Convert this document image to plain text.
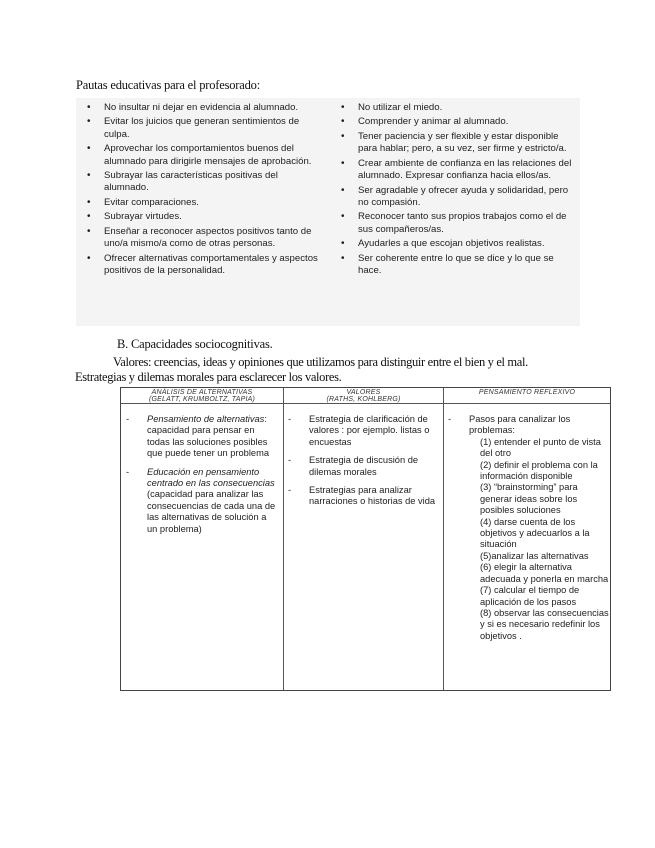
Pautas educativas para el profesorado:
• No insultar ni dejar en evidencia al alumnado.
• Evitar los juicios que generan sentimientos de culpa.
• Aprovechar los comportamientos buenos del alumnado para dirigirle mensajes de aprobación.
• Subrayar las características positivas del alumnado.
• Evitar comparaciones.
• Subrayar virtudes.
• Enseñar a reconocer aspectos positivos tanto de uno/a mismo/a como de otras personas.
• Ofrecer alternativas comportamentales y aspectos positivos de la personalidad.
• No utilizar el miedo.
• Comprender y animar al alumnado.
• Tener paciencia y ser flexible y estar disponible para hablar; pero, a su vez, ser firme y estricto/a.
• Crear ambiente de confianza en las relaciones del alumnado. Expresar confianza hacia ellos/as.
• Ser agradable y ofrecer ayuda y solidaridad, pero no compasión.
• Reconocer tanto sus propios trabajos como el de sus compañeros/as.
• Ayudarles a que escojan objetivos realistas.
• Ser coherente entre lo que se dice y lo que se hace.
B. Capacidades sociocognitivas.
Valores: creencias, ideas y opiniones que utilizamos para distinguir entre el bien y el mal.
Estrategias y dilemas morales para esclarecer los valores.
ANÁLISIS DE ALTERNATIVAS
(GELATT, KRUMBOLTZ, TAPIA)
VALORES
(RATHS, KOHLBERG)
PENSAMIENTO REFLEXIVO
- Pensamiento de alternativas: capacidad para pensar en todas las soluciones posibles que puede tener un problema
- Educación en pensamiento centrado en las consecuencias (capacidad para analizar las consecuencias de cada una de las alternativas de solución a un problema)
- Estrategia de clarificación de valores : por ejemplo. listas o encuestas
- Estrategia de discusión de dilemas morales
- Estrategias para analizar narraciones o historias de vida
- Pasos para canalizar los problemas:
(1) entender el punto de vista del otro
(2) definir el problema con la información disponible
(3) “brainstorming” para generar ideas sobre los posibles soluciones
(4) darse cuenta de los objetivos y adecuarlos a la situación
(5)analizar las alternativas
(6) elegir la alternativa adecuada y ponerla en marcha
(7) calcular el tiempo de aplicación de los pasos
(8) observar las consecuencias y si es necesario redefinir los objetivos .
